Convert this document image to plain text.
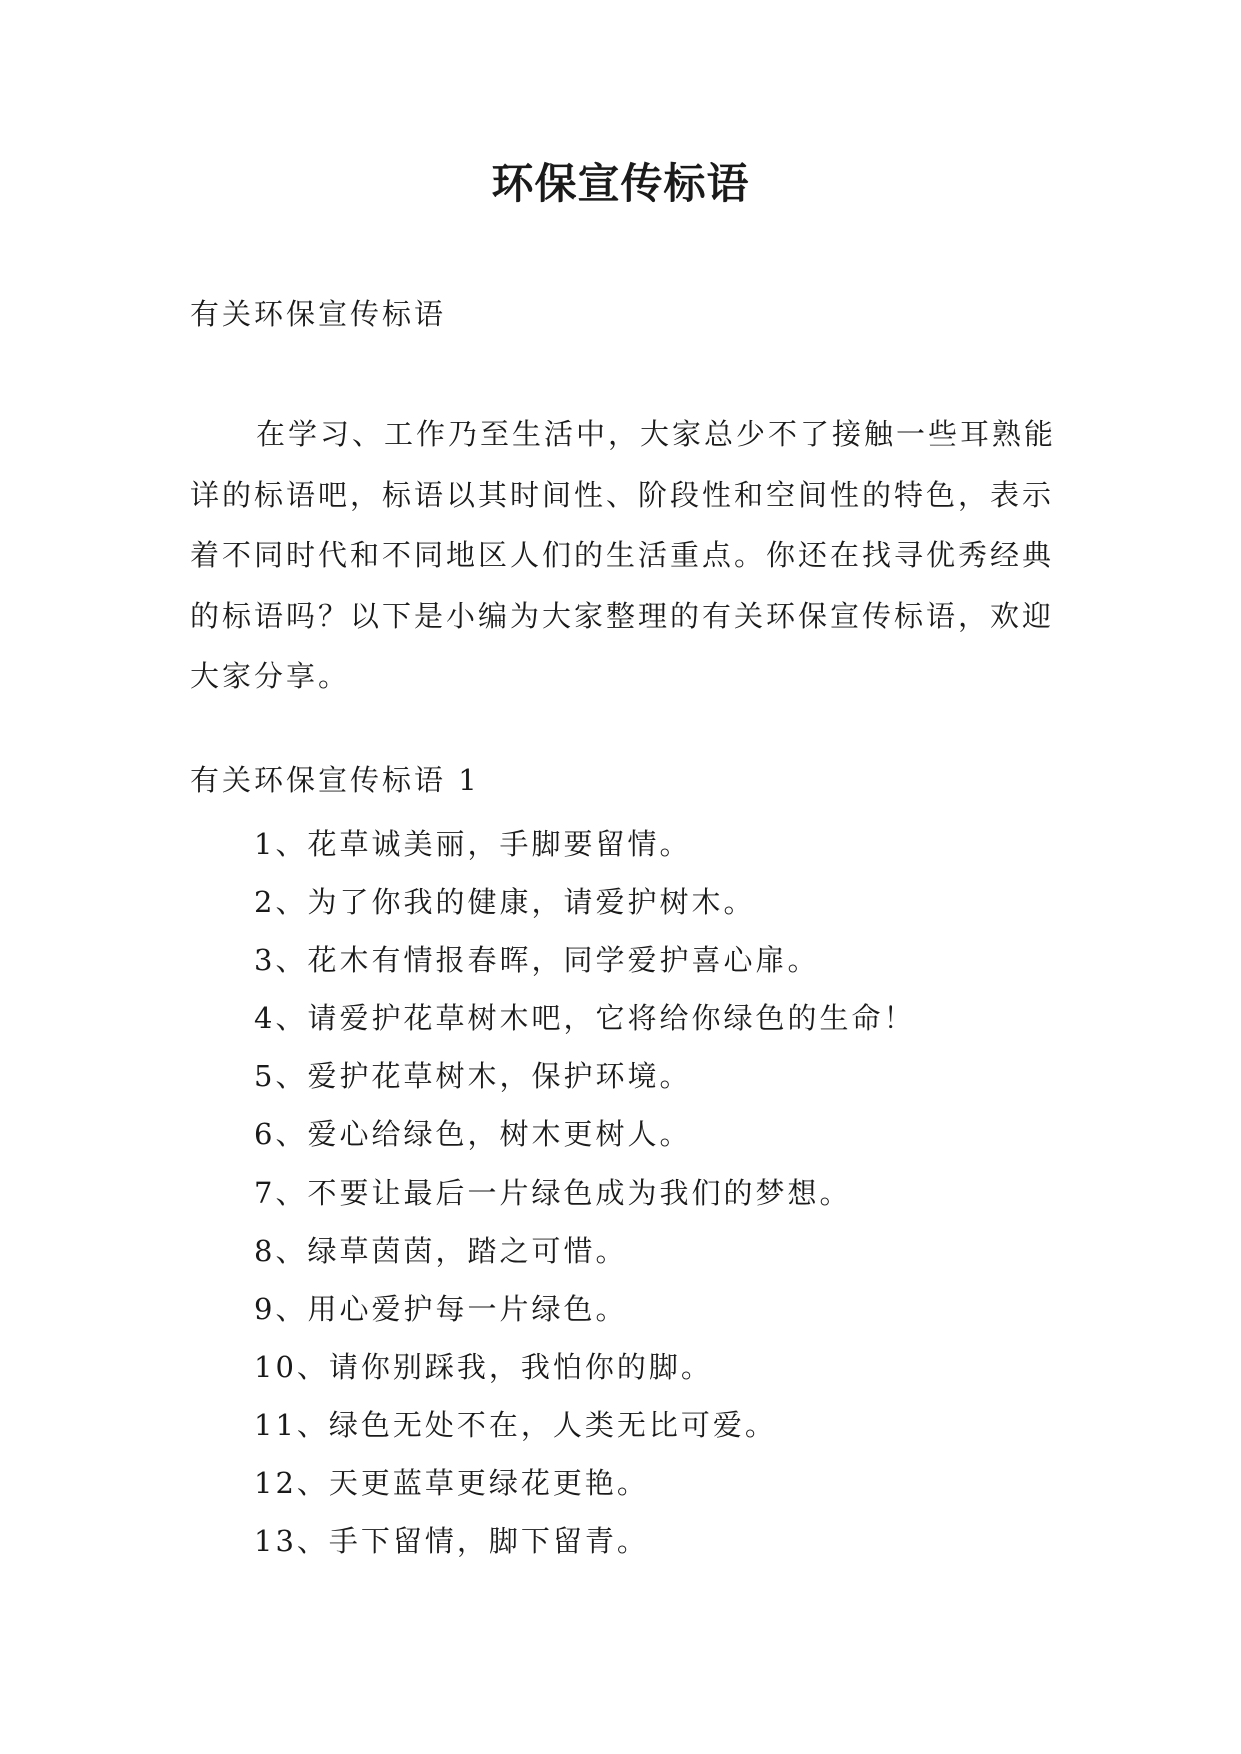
环保宣传标语

有关环保宣传标语

在学习、工作乃至生活中，大家总少不了接触一些耳熟能详的标语吧，标语以其时间性、阶段性和空间性的特色，表示着不同时代和不同地区人们的生活重点。你还在找寻优秀经典的标语吗？以下是小编为大家整理的有关环保宣传标语，欢迎大家分享。

有关环保宣传标语 1

1、花草诚美丽，手脚要留情。
2、为了你我的健康，请爱护树木。
3、花木有情报春晖，同学爱护喜心扉。
4、请爱护花草树木吧，它将给你绿色的生命！
5、爱护花草树木，保护环境。
6、爱心给绿色，树木更树人。
7、不要让最后一片绿色成为我们的梦想。
8、绿草茵茵，踏之可惜。
9、用心爱护每一片绿色。
10、请你别踩我，我怕你的脚。
11、绿色无处不在，人类无比可爱。
12、天更蓝草更绿花更艳。
13、手下留情，脚下留青。
